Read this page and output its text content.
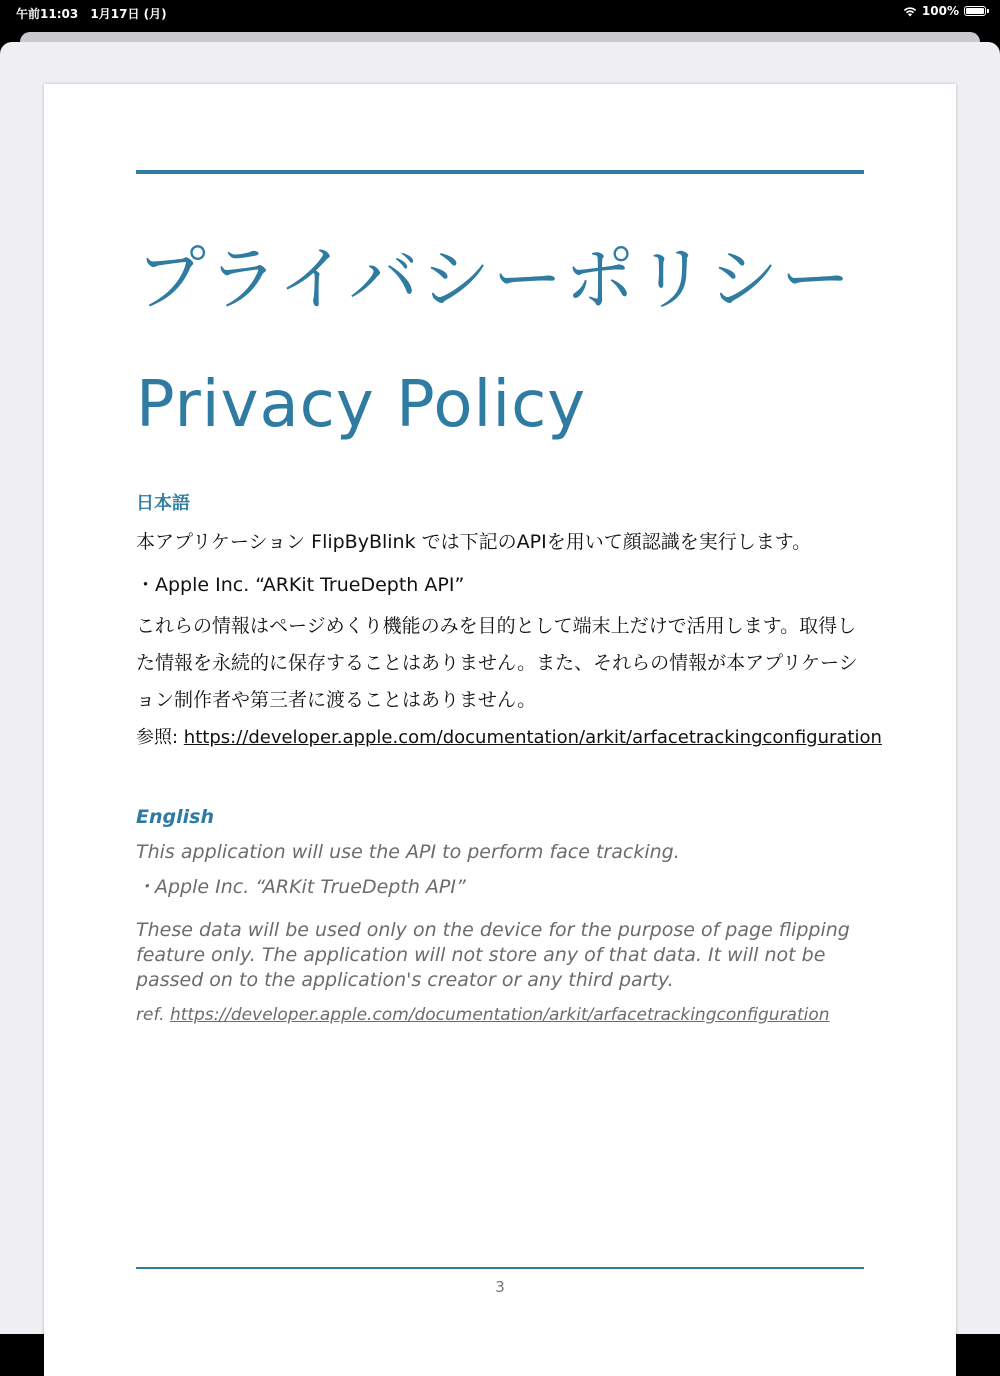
午前11:03 1月17日 (月)	100%
プライバシーポリシー
Privacy Policy
日本語

本アプリケーション FlipByBlink では下記のAPIを用いて顔認識を実行します。

・Apple Inc. “ARKit TrueDepth API”

これらの情報はページめくり機能のみを目的として端末上だけで活用します。取得した情報を永続的に保存することはありません。また、それらの情報が本アプリケーション制作者や第三者に渡ることはありません。

参照: https://developer.apple.com/documentation/arkit/arfacetrackingconfiguration

English

This application will use the API to perform face tracking.

・Apple Inc. “ARKit TrueDepth API”

These data will be used only on the device for the purpose of page flipping feature only. The application will not store any of that data. It will not be passed on to the application's creator or any third party.

ref. https://developer.apple.com/documentation/arkit/arfacetrackingconfiguration

3
